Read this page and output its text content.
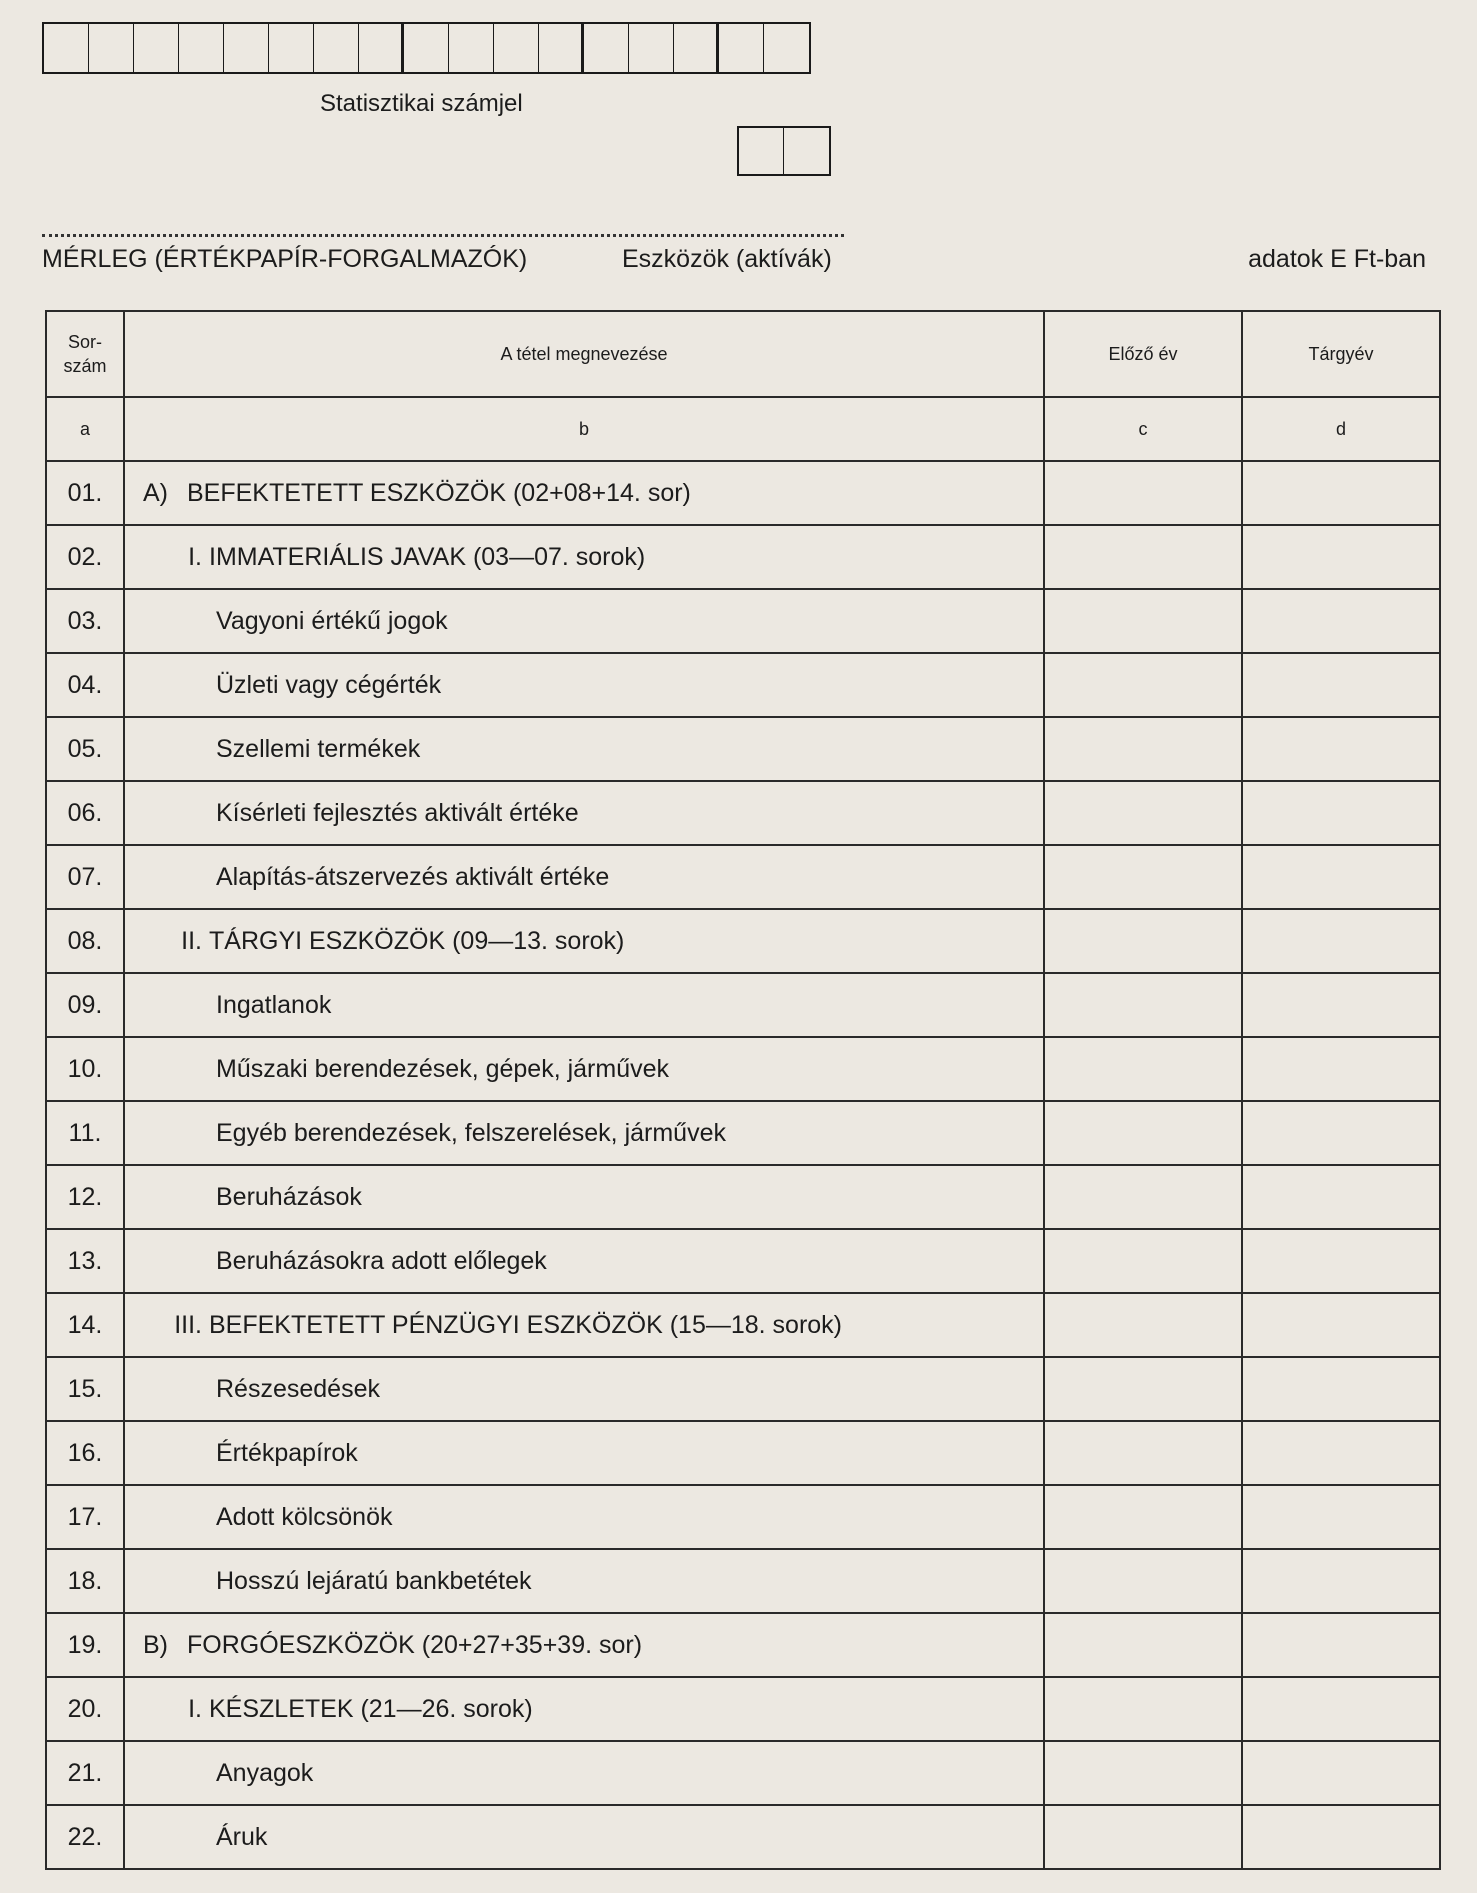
Statisztikai számjel
MÉRLEG (ÉRTÉKPAPÍR-FORGALMAZÓK)	Eszközök (aktívák)	adatok E Ft-ban
Sor-
szám	A tétel megnevezése	Előző év	Tárgyév
a	b	c	d
01.	A) BEFEKTETETT ESZKÖZÖK (02+08+14. sor)		
02.	I. IMMATERIÁLIS JAVAK (03—07. sorok)		
03.	Vagyoni értékű jogok		
04.	Üzleti vagy cégérték		
05.	Szellemi termékek		
06.	Kísérleti fejlesztés aktivált értéke		
07.	Alapítás-átszervezés aktivált értéke		
08.	II. TÁRGYI ESZKÖZÖK (09—13. sorok)		
09.	Ingatlanok		
10.	Műszaki berendezések, gépek, járművek		
11.	Egyéb berendezések, felszerelések, járművek		
12.	Beruházások		
13.	Beruházásokra adott előlegek		
14.	III. BEFEKTETETT PÉNZÜGYI ESZKÖZÖK (15—18. sorok)		
15.	Részesedések		
16.	Értékpapírok		
17.	Adott kölcsönök		
18.	Hosszú lejáratú bankbetétek		
19.	B) FORGÓESZKÖZÖK (20+27+35+39. sor)		
20.	I. KÉSZLETEK (21—26. sorok)		
21.	Anyagok		
22.	Áruk		
